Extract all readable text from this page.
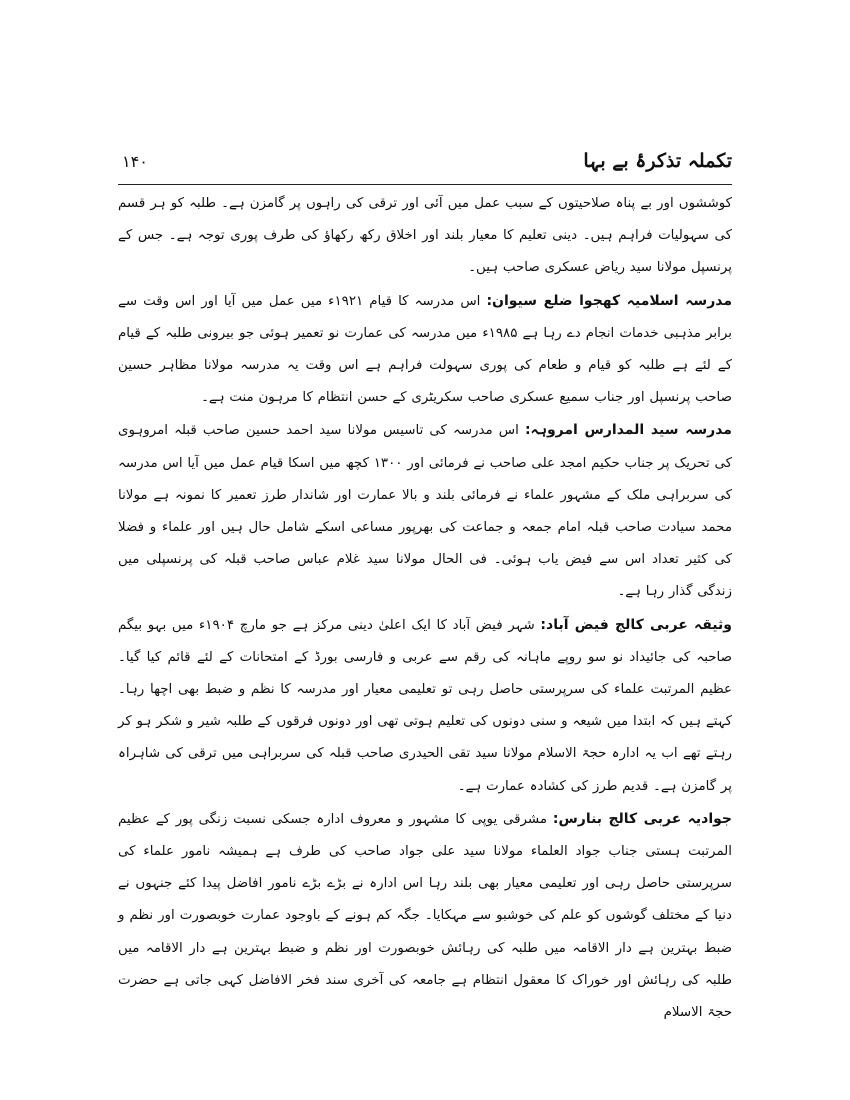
تکملہ تذکرۂ بے بہا
۱۴۰

کوششوں اور بے پناہ صلاحیتوں کے سبب عمل میں آئی اور ترقی کی راہوں پر گامزن ہے۔ طلبہ کو ہر قسم کی سہولیات فراہم ہیں۔ دینی تعلیم کا معیار بلند اور اخلاق رکھ رکھاؤ کی طرف پوری توجہ ہے۔ جس کے پرنسپل مولانا سید ریاض عسکری صاحب ہیں۔

مدرسہ اسلامیہ کھجوا ضلع سیوان: اس مدرسہ کا قیام ۱۹۲۱ء میں عمل میں آیا اور اس وقت سے برابر مذہبی خدمات انجام دے رہا ہے ۱۹۸۵ء میں مدرسہ کی عمارت نو تعمیر ہوئی جو بیرونی طلبہ کے قیام کے لئے ہے طلبہ کو قیام و طعام کی پوری سہولت فراہم ہے اس وقت یہ مدرسہ مولانا مظاہر حسین صاحب پرنسپل اور جناب سمیع عسکری صاحب سکریٹری کے حسن انتظام کا مرہون منت ہے۔

مدرسہ سید المدارس امروہہ: اس مدرسہ کی تاسیس مولانا سید احمد حسین صاحب قبلہ امروہوی کی تحریک پر جناب حکیم امجد علی صاحب نے فرمائی اور ۱۳۰۰ کچھ میں اسکا قیام عمل میں آیا اس مدرسہ کی سربراہی ملک کے مشہور علماء نے فرمائی بلند و بالا عمارت اور شاندار طرز تعمیر کا نمونہ ہے مولانا محمد سیادت صاحب قبلہ امام جمعہ و جماعت کی بھرپور مساعی اسکے شامل حال ہیں اور علماء و فضلا کی کثیر تعداد اس سے فیض یاب ہوئی۔ فی الحال مولانا سید غلام عباس صاحب قبلہ کی پرنسپلی میں زندگی گذار رہا ہے۔

وثیقہ عربی کالج فیض آباد: شہر فیض آباد کا ایک اعلیٰ دینی مرکز ہے جو مارچ ۱۹۰۴ء میں بہو بیگم صاحبہ کی جائیداد نو سو روپے ماہانہ کی رقم سے عربی و فارسی بورڈ کے امتحانات کے لئے قائم کیا گیا۔ عظیم المرتبت علماء کی سرپرستی حاصل رہی تو تعلیمی معیار اور مدرسہ کا نظم و ضبط بھی اچھا رہا۔ کہتے ہیں کہ ابتدا میں شیعہ و سنی دونوں کی تعلیم ہوتی تھی اور دونوں فرقوں کے طلبہ شیر و شکر ہو کر رہتے تھے اب یہ ادارہ حجۃ الاسلام مولانا سید تقی الحیدری صاحب قبلہ کی سربراہی میں ترقی کی شاہراہ پر گامزن ہے۔ قدیم طرز کی کشادہ عمارت ہے۔

جوادیہ عربی کالج بنارس: مشرقی یوپی کا مشہور و معروف ادارہ جسکی نسبت زنگی پور کے عظیم المرتبت ہستی جناب جواد العلماء مولانا سید علی جواد صاحب کی طرف ہے ہمیشہ نامور علماء کی سرپرستی حاصل رہی اور تعلیمی معیار بھی بلند رہا اس ادارہ نے بڑے بڑے نامور افاضل پیدا کئے جنہوں نے دنیا کے مختلف گوشوں کو علم کی خوشبو سے مہکایا۔ جگہ کم ہونے کے باوجود عمارت خوبصورت اور نظم و ضبط بہترین ہے دار الاقامہ میں طلبہ کی رہائش خوبصورت اور نظم و ضبط بہترین ہے دار الاقامہ میں طلبہ کی رہائش اور خوراک کا معقول انتظام ہے جامعہ کی آخری سند فخر الافاضل کہی جاتی ہے حضرت حجۃ الاسلام
